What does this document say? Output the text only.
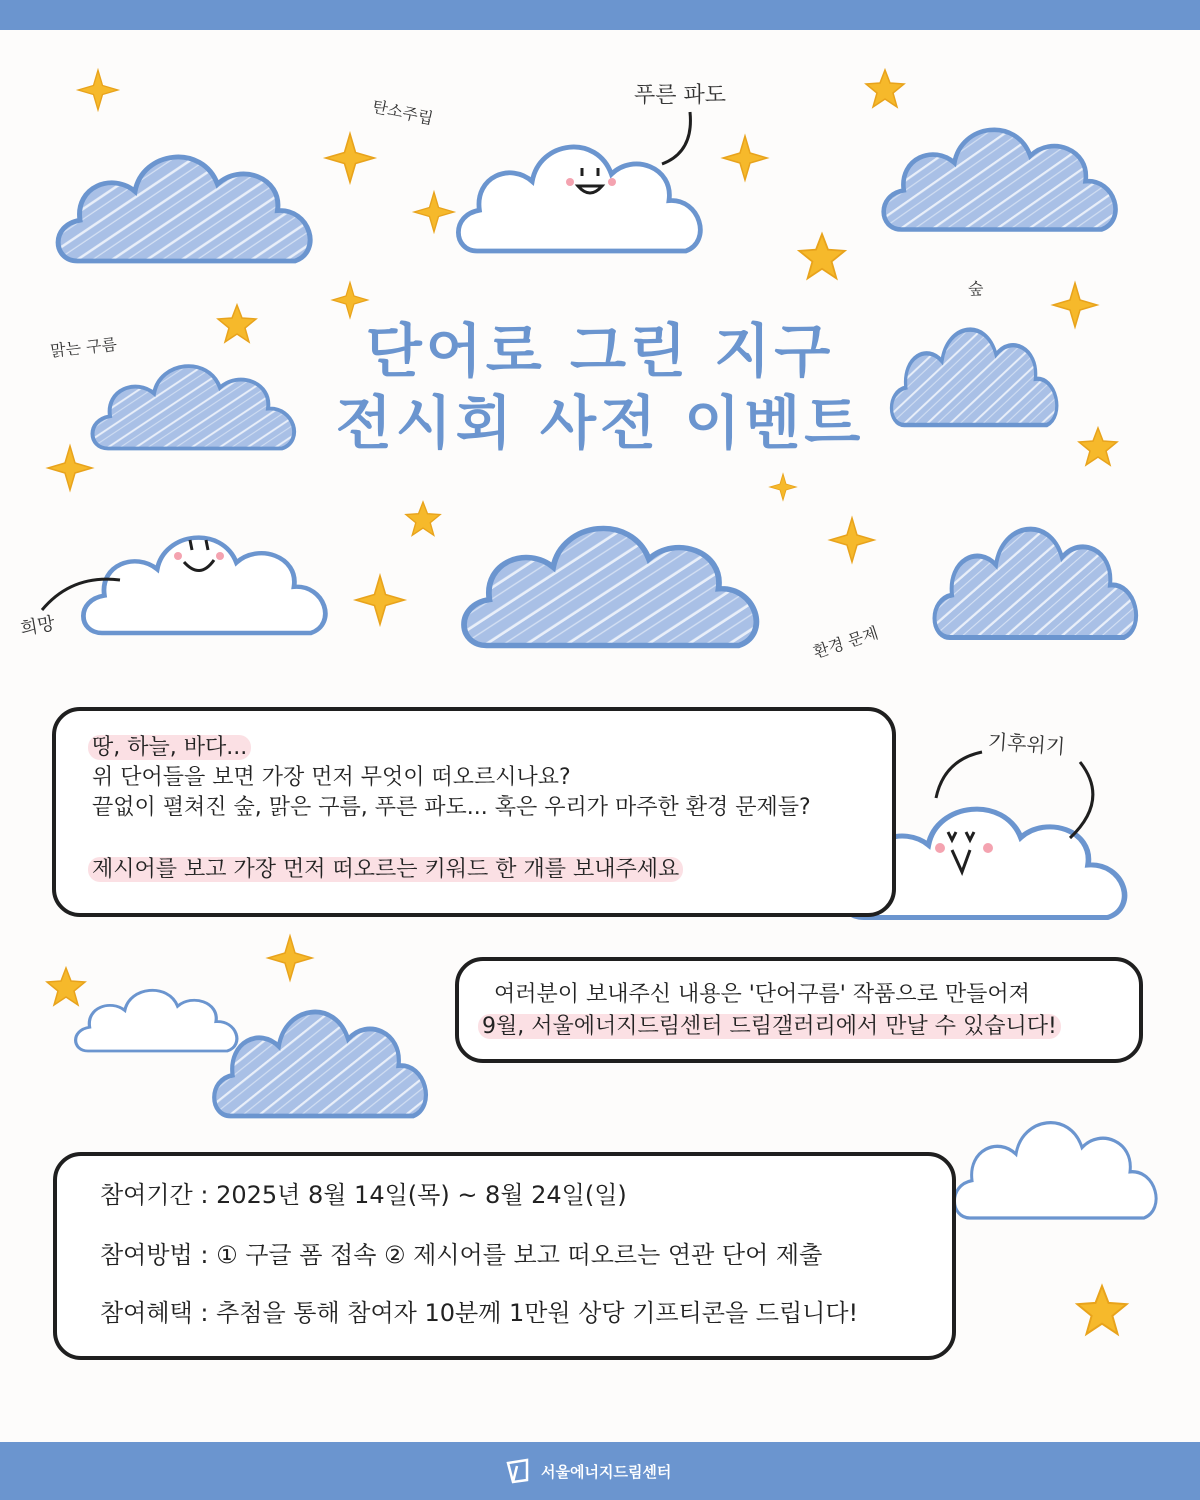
단어로 그린 지구
전시회 사전 이벤트
탄소주립
푸른 파도
숲
맑는 구름
희망	환경 문제
기후위기
땅, 하늘, 바다...
위 단어들을 보면 가장 먼저 무엇이 떠오르시나요?
끝없이 펼쳐진 숲, 맑은 구름, 푸른 파도... 혹은 우리가 마주한 환경 문제들?
제시어를 보고 가장 먼저 떠오르는 키워드 한 개를 보내주세요
여러분이 보내주신 내용은 '단어구름' 작품으로 만들어져
9월, 서울에너지드림센터 드림갤러리에서 만날 수 있습니다!
참여기간 : 2025년 8월 14일(목) ~ 8월 24일(일)
참여방법 : ① 구글 폼 접속 ② 제시어를 보고 떠오르는 연관 단어 제출
참여혜택 : 추첨을 통해 참여자 10분께 1만원 상당 기프티콘을 드립니다!
서울에너지드림센터
